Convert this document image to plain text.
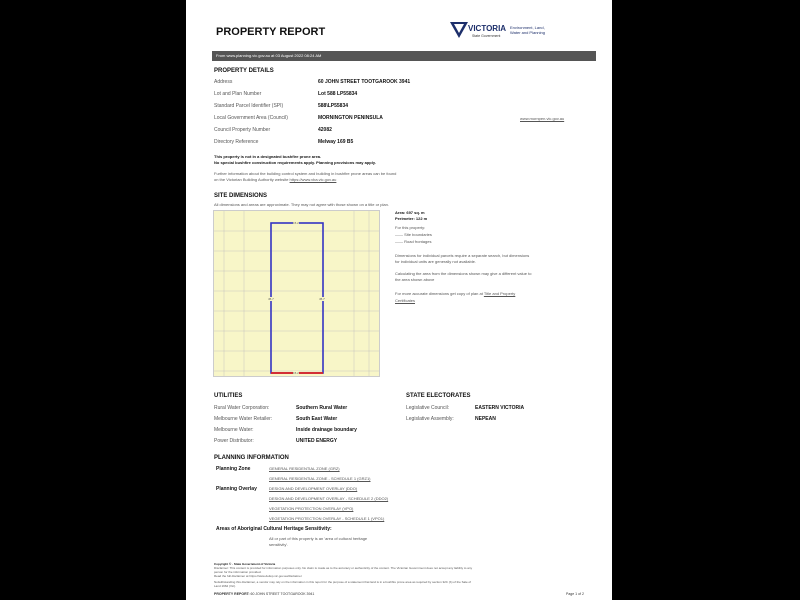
PROPERTY REPORT	VICTORIA
State Government
Environment, Land, Water and Planning
From www.planning.vic.gov.au at 03 August 2022 08:24 AM
PROPERTY DETAILS
Address	60 JOHN STREET TOOTGAROOK 3941
Lot and Plan Number	Lot 588 LP55834
Standard Parcel Identifier (SPI)	588\LP55834
Local Government Area (Council)	MORNINGTON PENINSULA	www.mornpen.vic.gov.au
Council Property Number	42082
Directory Reference	Melway 169 B5
This property is not in a designated bushfire prone area.
No special bushfire construction requirements apply. Planning provisions may apply.
Further information about the building control system and building in bushfire prone areas can be found
on the Victorian Building Authority website https://www.vba.vic.gov.au
SITE DIMENSIONS
All dimensions and areas are approximate. They may not agree with those shown on a title or plan.
15.2
45.7	45.7
15.2
Area: 697 sq. m
Perimeter: 122 m
For this property:
—— Site boundaries
—— Road frontages
Dimensions for individual parcels require a separate search, but dimensions
for individual units are generally not available.
Calculating the area from the dimensions shown may give a different value to
the area shown above
For more accurate dimensions get copy of plan at Title and Property
Certificates
UTILITIES
Rural Water Corporation:	Southern Rural Water
Melbourne Water Retailer:	South East Water
Melbourne Water:	Inside drainage boundary
Power Distributor:	UNITED ENERGY
STATE ELECTORATES
Legislative Council:	EASTERN VICTORIA
Legislative Assembly:	NEPEAN
PLANNING INFORMATION
Planning Zone	GENERAL RESIDENTIAL ZONE (GRZ)
GENERAL RESIDENTIAL ZONE - SCHEDULE 1 (GRZ1)
Planning Overlay	DESIGN AND DEVELOPMENT OVERLAY (DDO)
DESIGN AND DEVELOPMENT OVERLAY - SCHEDULE 2 (DDO2)
VEGETATION PROTECTION OVERLAY (VPO)
VEGETATION PROTECTION OVERLAY - SCHEDULE 1 (VPO1)
Areas of Aboriginal Cultural Heritage Sensitivity:
All or part of this property is an 'area of cultural heritage
sensitivity'.
Copyright © - State Government of Victoria
Disclaimer: This content is provided for information purposes only. No claim is made as to the accuracy or authenticity of the content. The Victorian Government does not accept any liability to any
person for the information provided.
Read the full disclaimer at https://www.delwp.vic.gov.au/disclaimer
Notwithstanding this disclaimer, a vendor may rely on the information in this report for the purpose of a statement that land is in a bushfire prone area as required by section 32C (b) of the Sale of
Land 1962 (Vic).
PROPERTY REPORT: 60 JOHN STREET TOOTGAROOK 3941	Page 1 of 2
